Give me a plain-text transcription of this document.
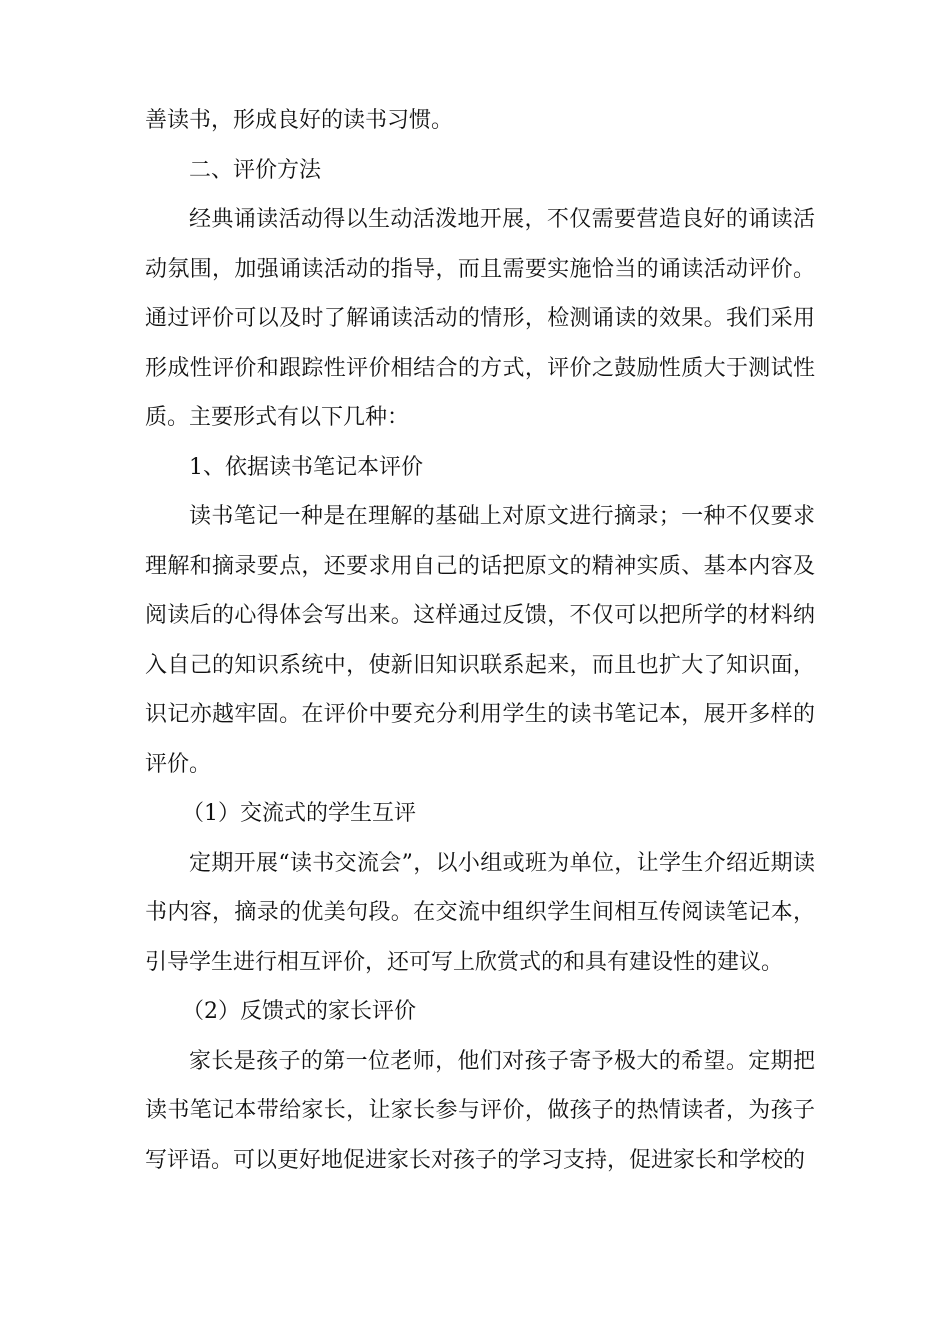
善读书，形成良好的读书习惯。

二、评价方法

经典诵读活动得以生动活泼地开展，不仅需要营造良好的诵读活动氛围，加强诵读活动的指导，而且需要实施恰当的诵读活动评价。通过评价可以及时了解诵读活动的情形，检测诵读的效果。我们采用形成性评价和跟踪性评价相结合的方式，评价之鼓励性质大于测试性质。主要形式有以下几种：

1、依据读书笔记本评价

读书笔记一种是在理解的基础上对原文进行摘录；一种不仅要求理解和摘录要点，还要求用自己的话把原文的精神实质、基本内容及阅读后的心得体会写出来。这样通过反馈，不仅可以把所学的材料纳入自己的知识系统中，使新旧知识联系起来，而且也扩大了知识面，识记亦越牢固。在评价中要充分利用学生的读书笔记本，展开多样的评价。

（1）交流式的学生互评

定期开展“读书交流会”，以小组或班为单位，让学生介绍近期读书内容，摘录的优美句段。在交流中组织学生间相互传阅读笔记本，引导学生进行相互评价，还可写上欣赏式的和具有建设性的建议。

（2）反馈式的家长评价

家长是孩子的第一位老师，他们对孩子寄予极大的希望。定期把读书笔记本带给家长，让家长参与评价，做孩子的热情读者，为孩子写评语。可以更好地促进家长对孩子的学习支持，促进家长和学校的
